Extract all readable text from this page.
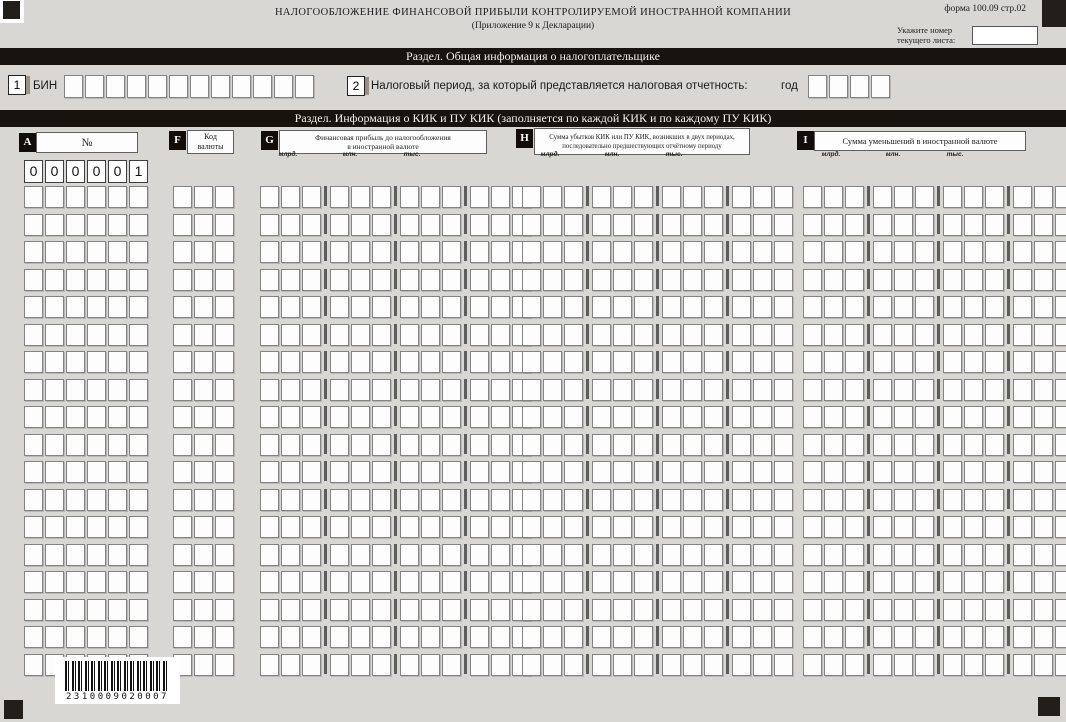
НАЛОГООБЛОЖЕНИЕ ФИНАНСОВОЙ ПРИБЫЛИ КОНТРОЛИРУЕМОЙ ИНОСТРАННОЙ КОМПАНИИ
(Приложение 9 к Декларации)
форма 100.09 стр.02
Укажите номер
текущего листа:
Раздел. Общая информация о налогоплательщике
1	БИН	2	Налоговый период, за который представляется налоговая отчетность:	год
Раздел. Информация о КИК и ПУ КИК (заполняется по каждой КИК и по каждому ПУ КИК)
A	№	F	Код
валюты
G	Финансовая прибыль до налогообложения
в иностранной валюте
млрд.	млн.	тыс.
H	Сумма убытков КИК или ПУ КИК, возникших в двух периодах,
последовательно предшествующих отчётному периоду
млрд.	млн.	тыс.
I	Сумма уменьшений в иностранной валюте
млрд.	млн.	тыс.
0 0 0 0 0 1
2310009020007
